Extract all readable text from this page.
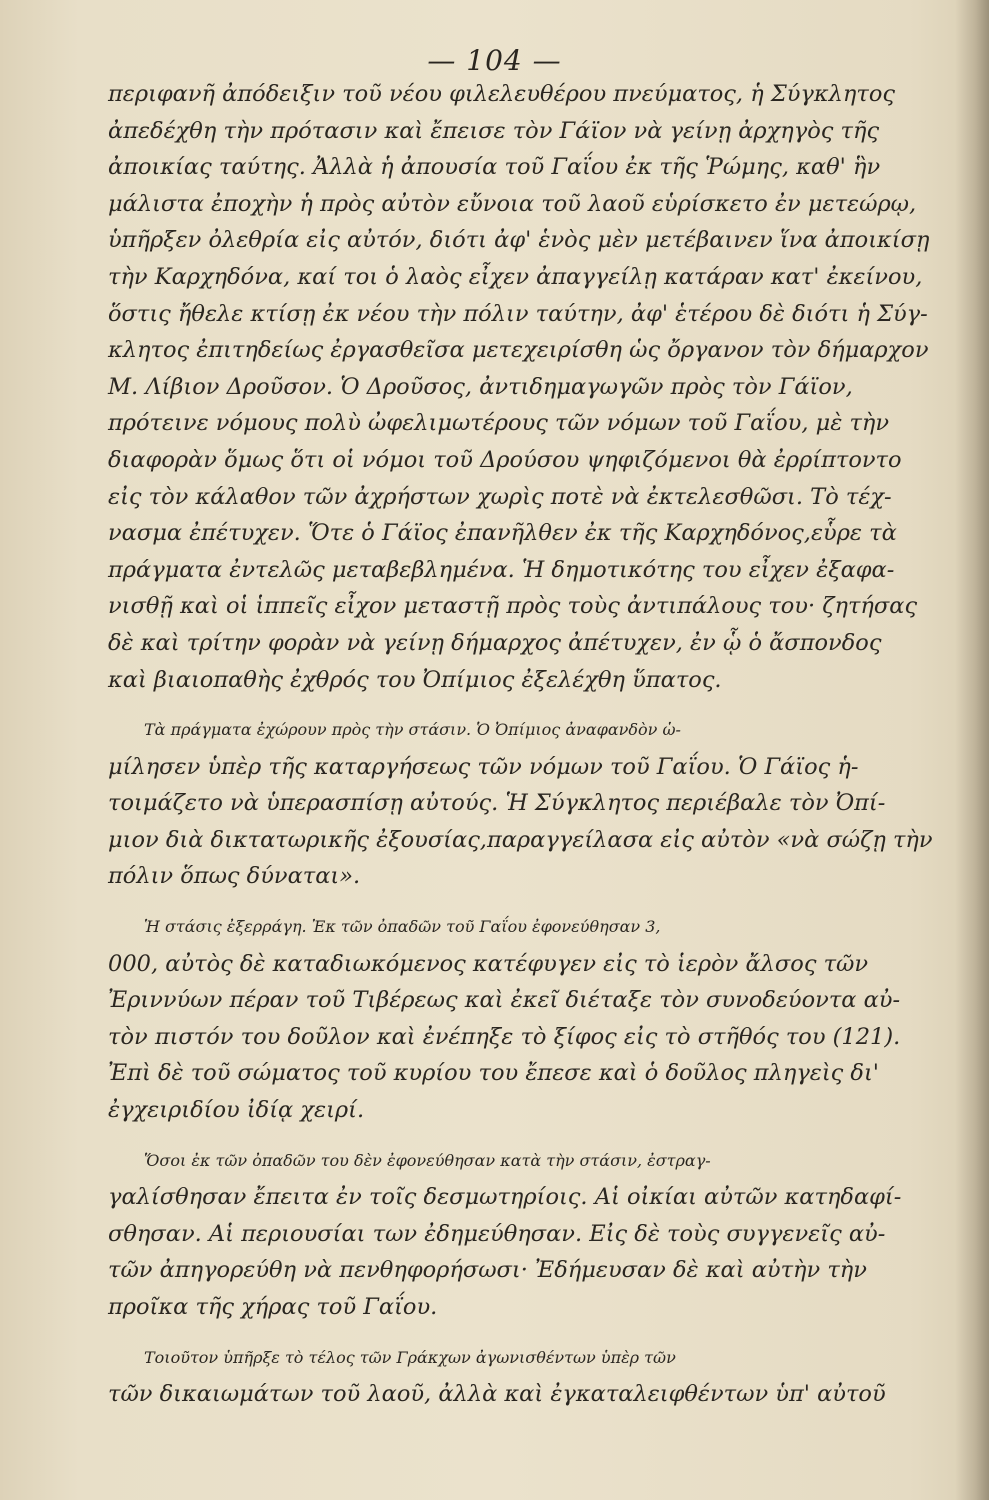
— 104 —

περιφανῆ ἀπόδειξιν τοῦ νέου φιλελευθέρου πνεύματος, ἡ Σύγκλητος
ἀπεδέχθη τὴν πρότασιν καὶ ἔπεισε τὸν Γάϊον νὰ γείνῃ ἀρχηγὸς τῆς
ἀποικίας ταύτης. Ἀλλὰ ἡ ἀπουσία τοῦ Γαΐου ἐκ τῆς Ῥώμης, καθ' ἣν
μάλιστα ἐποχὴν ἡ πρὸς αὐτὸν εὔνοια τοῦ λαοῦ εὑρίσκετο ἐν μετεώρῳ,
ὑπῆρξεν ὀλεθρία εἰς αὐτόν, διότι ἀφ' ἑνὸς μὲν μετέβαινεν ἵνα ἀποικίσῃ
τὴν Καρχηδόνα, καί τοι ὁ λαὸς εἶχεν ἀπαγγείλῃ κατάραν κατ' ἐκείνου,
ὅστις ἤθελε κτίσῃ ἐκ νέου τὴν πόλιν ταύτην, ἀφ' ἑτέρου δὲ διότι ἡ Σύγ-
κλητος ἐπιτηδείως ἐργασθεῖσα μετεχειρίσθη ὡς ὄργανον τὸν δήμαρχον
Μ. Λίβιον Δροῦσον. Ὁ Δροῦσος, ἀντιδημαγωγῶν πρὸς τὸν Γάϊον,
πρότεινε νόμους πολὺ ὠφελιμωτέρους τῶν νόμων τοῦ Γαΐου, μὲ τὴν
διαφορὰν ὅμως ὅτι οἱ νόμοι τοῦ Δρούσου ψηφιζόμενοι θὰ ἐρρίπτοντο
εἰς τὸν κάλαθον τῶν ἀχρήστων χωρὶς ποτὲ νὰ ἐκτελεσθῶσι. Τὸ τέχ-
νασμα ἐπέτυχεν. Ὅτε ὁ Γάϊος ἐπανῆλθεν ἐκ τῆς Καρχηδόνος,εὗρε τὰ
πράγματα ἐντελῶς μεταβεβλημένα. Ἡ δημοτικότης του εἶχεν ἐξαφα-
νισθῇ καὶ οἱ ἱππεῖς εἶχον μεταστῇ πρὸς τοὺς ἀντιπάλους του· ζητήσας
δὲ καὶ τρίτην φορὰν νὰ γείνῃ δήμαρχος ἀπέτυχεν, ἐν ᾧ ὁ ἄσπονδος
καὶ βιαιοπαθὴς ἐχθρός του Ὀπίμιος ἐξελέχθη ὕπατος.

Τὰ πράγματα ἐχώρουν πρὸς τὴν στάσιν. Ὁ Ὀπίμιος ἀναφανδὸν ὡ-
μίλησεν ὑπὲρ τῆς καταργήσεως τῶν νόμων τοῦ Γαΐου. Ὁ Γάϊος ἡ-
τοιμάζετο νὰ ὑπερασπίσῃ αὐτούς. Ἡ Σύγκλητος περιέβαλε τὸν Ὀπί-
μιον διὰ δικτατωρικῆς ἐξουσίας,παραγγείλασα εἰς αὐτὸν «νὰ σώζῃ τὴν
πόλιν ὅπως δύναται».

Ἡ στάσις ἐξερράγη. Ἐκ τῶν ὀπαδῶν τοῦ Γαΐου ἐφονεύθησαν 3,
000, αὐτὸς δὲ καταδιωκόμενος κατέφυγεν εἰς τὸ ἱερὸν ἄλσος τῶν
Ἐριννύων πέραν τοῦ Τιβέρεως καὶ ἐκεῖ διέταξε τὸν συνοδεύοντα αὐ-
τὸν πιστόν του δοῦλον καὶ ἐνέπηξε τὸ ξίφος εἰς τὸ στῆθός του (121).
Ἐπὶ δὲ τοῦ σώματος τοῦ κυρίου του ἔπεσε καὶ ὁ δοῦλος πληγεὶς δι'
ἐγχειριδίου ἰδίᾳ χειρί.

Ὅσοι ἐκ τῶν ὀπαδῶν του δὲν ἐφονεύθησαν κατὰ τὴν στάσιν, ἐστραγ-
γαλίσθησαν ἔπειτα ἐν τοῖς δεσμωτηρίοις. Αἱ οἰκίαι αὐτῶν κατηδαφί-
σθησαν. Αἱ περιουσίαι των ἐδημεύθησαν. Εἰς δὲ τοὺς συγγενεῖς αὐ-
τῶν ἀπηγορεύθη νὰ πενθηφορήσωσι· Ἐδήμευσαν δὲ καὶ αὐτὴν τὴν
προῖκα τῆς χήρας τοῦ Γαΐου.

Τοιοῦτον ὑπῆρξε τὸ τέλος τῶν Γράκχων ἀγωνισθέντων ὑπὲρ τῶν
τῶν δικαιωμάτων τοῦ λαοῦ, ἀλλὰ καὶ ἐγκαταλειφθέντων ὑπ' αὐτοῦ
